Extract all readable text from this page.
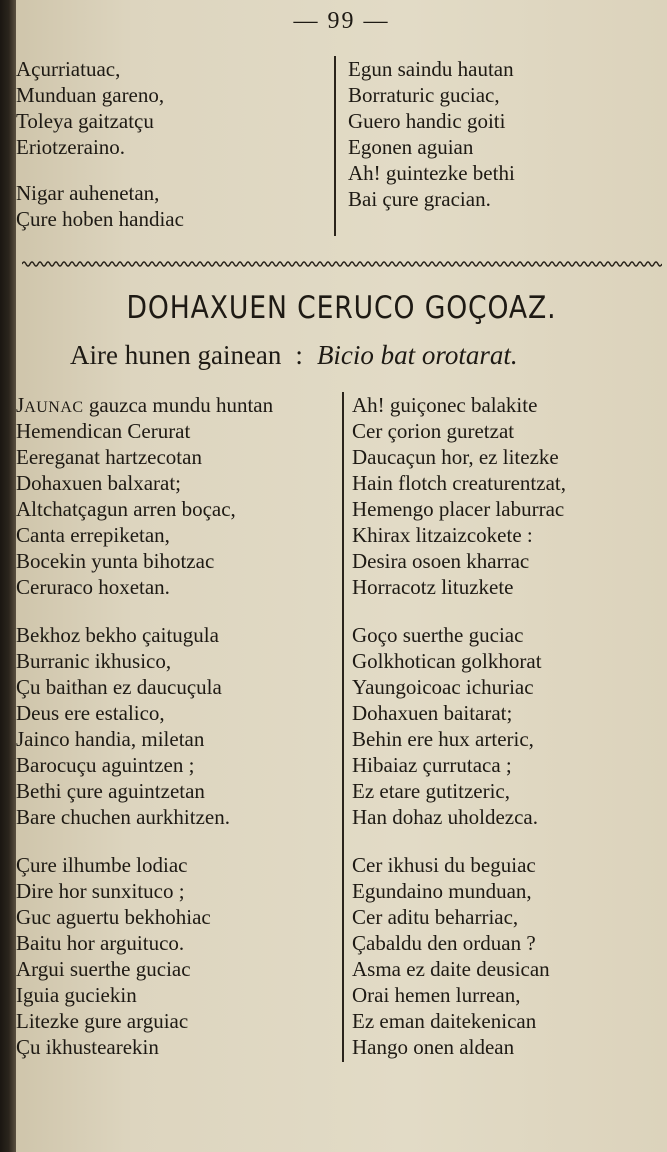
— 99 —
Açurriatuac,
Munduan gareno,
Toleya gaitzatçu
Eriotzeraino.
Nigar auhenetan,
Çure hoben handiac
Egun saindu hautan
Borraturic guciac,
Guero handic goiti
Egonen aguian
Ah! guintezke bethi
Bai çure gracian.
DOHAXUEN CERUCO GOÇOAZ.
Aire hunen gainean : Bicio bat orotarat.
JAUNAC gauzca mundu huntan
Hemendican Cerurat
Eereganat hartzecotan
Dohaxuen balxarat;
Altchatçagun arren boçac,
Canta errepiketan,
Bocekin yunta bihotzac
Ceruraco hoxetan.
Bekhoz bekho çaitugula
Burranic ikhusico,
Çu baithan ez daucuçula
Deus ere estalico,
Jainco handia, miletan
Barocuçu aguintzen ;
Bethi çure aguintzetan
Bare chuchen aurkhitzen.
Çure ilhumbe lodiac
Dire hor sunxituco ;
Guc aguertu bekhohiac
Baitu hor arguituco.
Argui suerthe guciac
Iguia guciekin
Litezke gure arguiac
Çu ikhustearekin
Ah! guiçonec balakite
Cer çorion guretzat
Daucaçun hor, ez litezke
Hain flotch creaturentzat,
Hemengo placer laburrac
Khirax litzaizcokete :
Desira osoen kharrac
Horracotz lituzkete
Goço suerthe guciac
Golkhotican golkhorat
Yaungoicoac ichuriac
Dohaxuen baitarat;
Behin ere hux arteric,
Hibaiaz çurrutaca ;
Ez etare gutitzeric,
Han dohaz uholdezca.
Cer ikhusi du beguiac
Egundaino munduan,
Cer aditu beharriac,
Çabaldu den orduan ?
Asma ez daite deusican
Orai hemen lurrean,
Ez eman daitekenican
Hango onen aldean
